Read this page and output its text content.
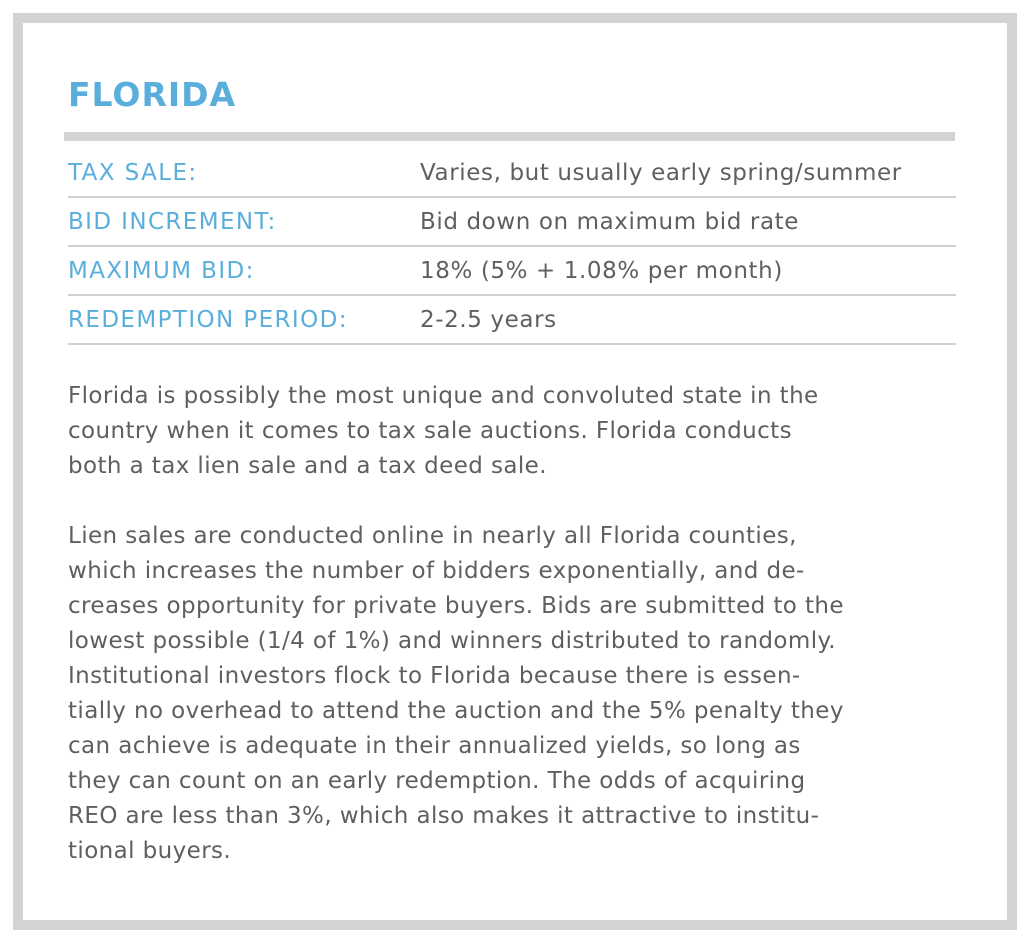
FLORIDA
TAX SALE:	Varies, but usually early spring/summer
BID INCREMENT:	Bid down on maximum bid rate
MAXIMUM BID:	18% (5% + 1.08% per month)
REDEMPTION PERIOD:	2-2.5 years

Florida is possibly the most unique and convoluted state in the
country when it comes to tax sale auctions. Florida conducts
both a tax lien sale and a tax deed sale.

Lien sales are conducted online in nearly all Florida counties,
which increases the number of bidders exponentially, and de-
creases opportunity for private buyers. Bids are submitted to the
lowest possible (1/4 of 1%) and winners distributed to randomly.
Institutional investors flock to Florida because there is essen-
tially no overhead to attend the auction and the 5% penalty they
can achieve is adequate in their annualized yields, so long as
they can count on an early redemption. The odds of acquiring
REO are less than 3%, which also makes it attractive to institu-
tional buyers.
